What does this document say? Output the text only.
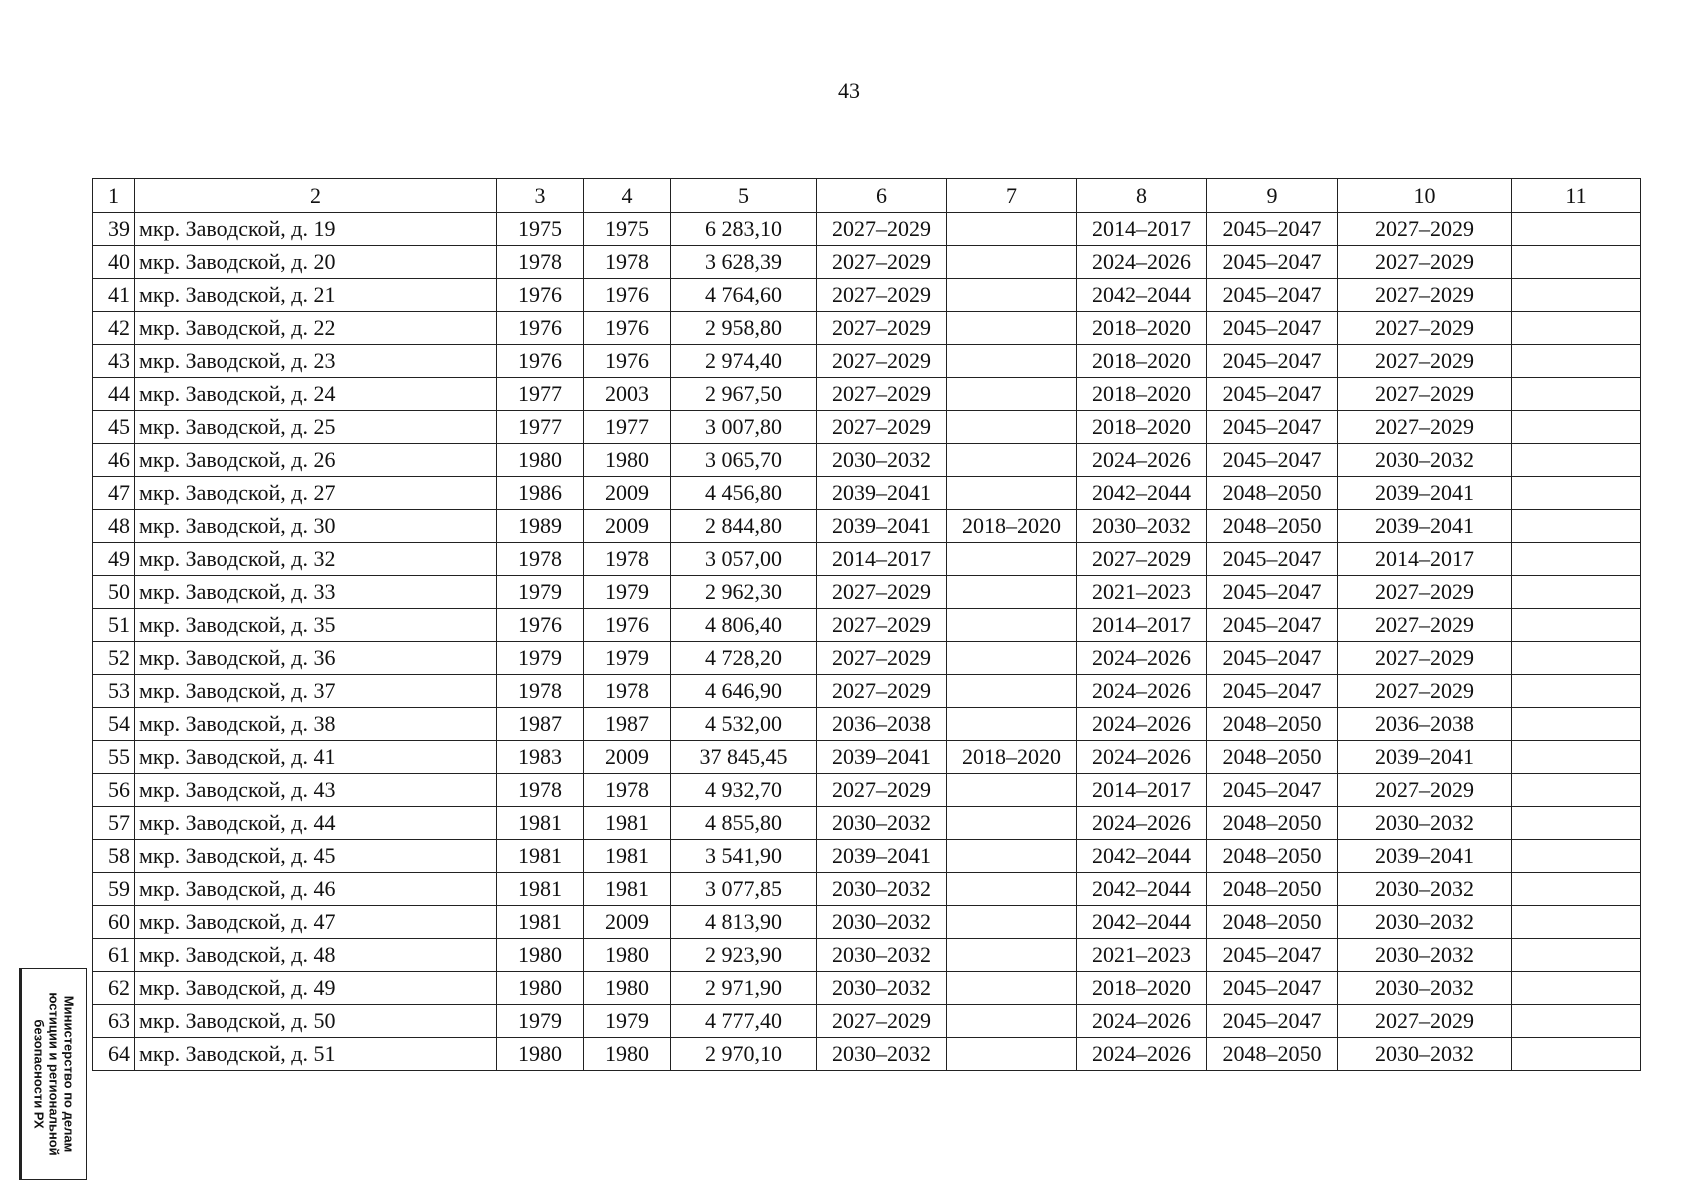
43
1	2	3	4	5	6	7	8	9	10	11
39	мкр. Заводской, д. 19	1975	1975	6 283,10	2027–2029		2014–2017	2045–2047	2027–2029	
40	мкр. Заводской, д. 20	1978	1978	3 628,39	2027–2029		2024–2026	2045–2047	2027–2029	
41	мкр. Заводской, д. 21	1976	1976	4 764,60	2027–2029		2042–2044	2045–2047	2027–2029	
42	мкр. Заводской, д. 22	1976	1976	2 958,80	2027–2029		2018–2020	2045–2047	2027–2029	
43	мкр. Заводской, д. 23	1976	1976	2 974,40	2027–2029		2018–2020	2045–2047	2027–2029	
44	мкр. Заводской, д. 24	1977	2003	2 967,50	2027–2029		2018–2020	2045–2047	2027–2029	
45	мкр. Заводской, д. 25	1977	1977	3 007,80	2027–2029		2018–2020	2045–2047	2027–2029	
46	мкр. Заводской, д. 26	1980	1980	3 065,70	2030–2032		2024–2026	2045–2047	2030–2032	
47	мкр. Заводской, д. 27	1986	2009	4 456,80	2039–2041		2042–2044	2048–2050	2039–2041	
48	мкр. Заводской, д. 30	1989	2009	2 844,80	2039–2041	2018–2020	2030–2032	2048–2050	2039–2041	
49	мкр. Заводской, д. 32	1978	1978	3 057,00	2014–2017		2027–2029	2045–2047	2014–2017	
50	мкр. Заводской, д. 33	1979	1979	2 962,30	2027–2029		2021–2023	2045–2047	2027–2029	
51	мкр. Заводской, д. 35	1976	1976	4 806,40	2027–2029		2014–2017	2045–2047	2027–2029	
52	мкр. Заводской, д. 36	1979	1979	4 728,20	2027–2029		2024–2026	2045–2047	2027–2029	
53	мкр. Заводской, д. 37	1978	1978	4 646,90	2027–2029		2024–2026	2045–2047	2027–2029	
54	мкр. Заводской, д. 38	1987	1987	4 532,00	2036–2038		2024–2026	2048–2050	2036–2038	
55	мкр. Заводской, д. 41	1983	2009	37 845,45	2039–2041	2018–2020	2024–2026	2048–2050	2039–2041	
56	мкр. Заводской, д. 43	1978	1978	4 932,70	2027–2029		2014–2017	2045–2047	2027–2029	
57	мкр. Заводской, д. 44	1981	1981	4 855,80	2030–2032		2024–2026	2048–2050	2030–2032	
58	мкр. Заводской, д. 45	1981	1981	3 541,90	2039–2041		2042–2044	2048–2050	2039–2041	
59	мкр. Заводской, д. 46	1981	1981	3 077,85	2030–2032		2042–2044	2048–2050	2030–2032	
60	мкр. Заводской, д. 47	1981	2009	4 813,90	2030–2032		2042–2044	2048–2050	2030–2032	
61	мкр. Заводской, д. 48	1980	1980	2 923,90	2030–2032		2021–2023	2045–2047	2030–2032	
62	мкр. Заводской, д. 49	1980	1980	2 971,90	2030–2032		2018–2020	2045–2047	2030–2032	
63	мкр. Заводской, д. 50	1979	1979	4 777,40	2027–2029		2024–2026	2045–2047	2027–2029	
64	мкр. Заводской, д. 51	1980	1980	2 970,10	2030–2032		2024–2026	2048–2050	2030–2032	
Министерство по делам
юстиции и региональной
безопасности РХ
